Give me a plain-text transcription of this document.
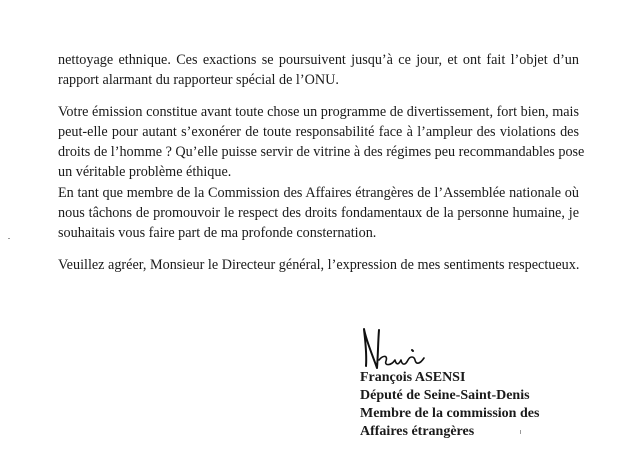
nettoyage ethnique. Ces exactions se poursuivent jusqu’à ce jour, et ont fait l’objet d’un
rapport alarmant du rapporteur spécial de l’ONU.

Votre émission constitue avant toute chose un programme de divertissement, fort bien, mais
peut-elle pour autant s’exonérer de toute responsabilité face à l’ampleur des violations des
droits de l’homme ? Qu’elle puisse servir de vitrine à des régimes peu recommandables pose
un véritable problème éthique.

En tant que membre de la Commission des Affaires étrangères de l’Assemblée nationale où
nous tâchons de promouvoir le respect des droits fondamentaux de la personne humaine, je
souhaitais vous faire part de ma profonde consternation.

Veuillez agréer, Monsieur le Directeur général, l’expression de mes sentiments respectueux.

François ASENSI
Député de Seine-Saint-Denis
Membre de la commission des
Affaires étrangères
